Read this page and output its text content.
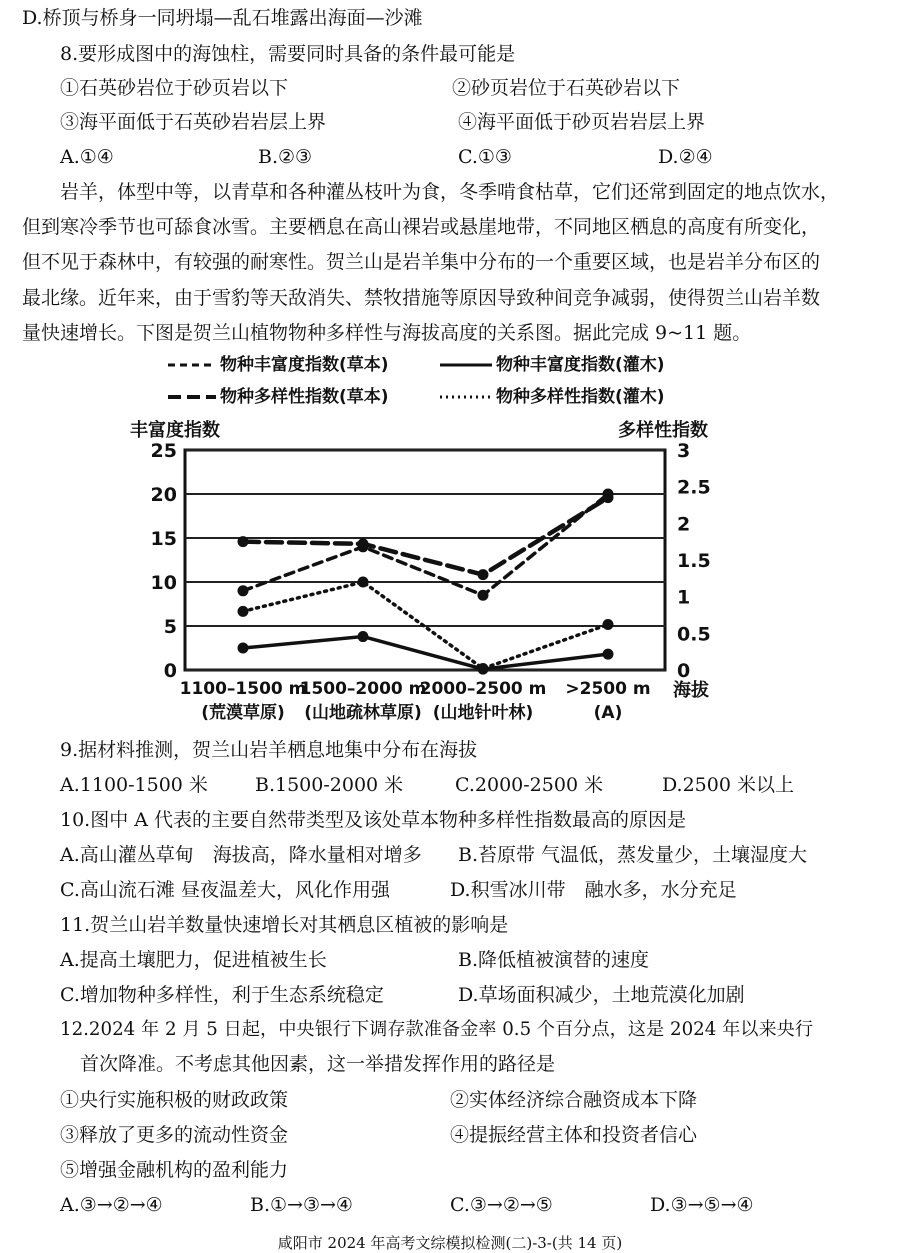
D.桥顶与桥身一同坍塌—乱石堆露出海面—沙滩
8.要形成图中的海蚀柱，需要同时具备的条件最可能是
①石英砂岩位于砂页岩以下	②砂页岩位于石英砂岩以下
③海平面低于石英砂岩岩层上界	④海平面低于砂页岩岩层上界
A.①④	B.②③	C.①③	D.②④
岩羊，体型中等，以青草和各种灌丛枝叶为食，冬季啃食枯草，它们还常到固定的地点饮水，
但到寒冷季节也可舔食冰雪。主要栖息在高山裸岩或悬崖地带，不同地区栖息的高度有所变化，
但不见于森林中，有较强的耐寒性。贺兰山是岩羊集中分布的一个重要区域，也是岩羊分布区的
最北缘。近年来，由于雪豹等天敌消失、禁牧措施等原因导致种间竞争减弱，使得贺兰山岩羊数
量快速增长。下图是贺兰山植物物种多样性与海拔高度的关系图。据此完成 9~11 题。
物种丰富度指数(草本)	物种丰富度指数(灌木)
物种多样性指数(草本)	物种多样性指数(灌木)
丰富度指数	多样性指数
0
5
10
15
20
25
0
0.5
1
1.5
2
2.5
3
1100–1500 m
(荒漠草原)
1500–2000 m
(山地疏林草原)
2000–2500 m
(山地针叶林)
>2500 m
(A)
海拔
9.据材料推测，贺兰山岩羊栖息地集中分布在海拔
A.1100-1500 米 B.1500-2000 米	C.2000-2500 米	D.2500 米以上
10.图中 A 代表的主要自然带类型及该处草本物种多样性指数最高的原因是
A.高山灌丛草甸　海拔高，降水量相对增多 B.苔原带 气温低，蒸发量少，土壤湿度大
C.高山流石滩 昼夜温差大，风化作用强	D.积雪冰川带　融水多，水分充足
11.贺兰山岩羊数量快速增长对其栖息区植被的影响是
A.提高土壤肥力，促进植被生长	B.降低植被演替的速度
C.增加物种多样性，利于生态系统稳定	D.草场面积减少，土地荒漠化加剧
12.2024 年 2 月 5 日起，中央银行下调存款准备金率 0.5 个百分点，这是 2024 年以来央行
首次降准。不考虑其他因素，这一举措发挥作用的路径是
①央行实施积极的财政政策	②实体经济综合融资成本下降
③释放了更多的流动性资金	④提振经营主体和投资者信心
⑤增强金融机构的盈利能力
A.③→②→④	B.①→③→④	C.③→②→⑤	D.③→⑤→④
咸阳市 2024 年高考文综模拟检测(二)-3-(共 14 页)
